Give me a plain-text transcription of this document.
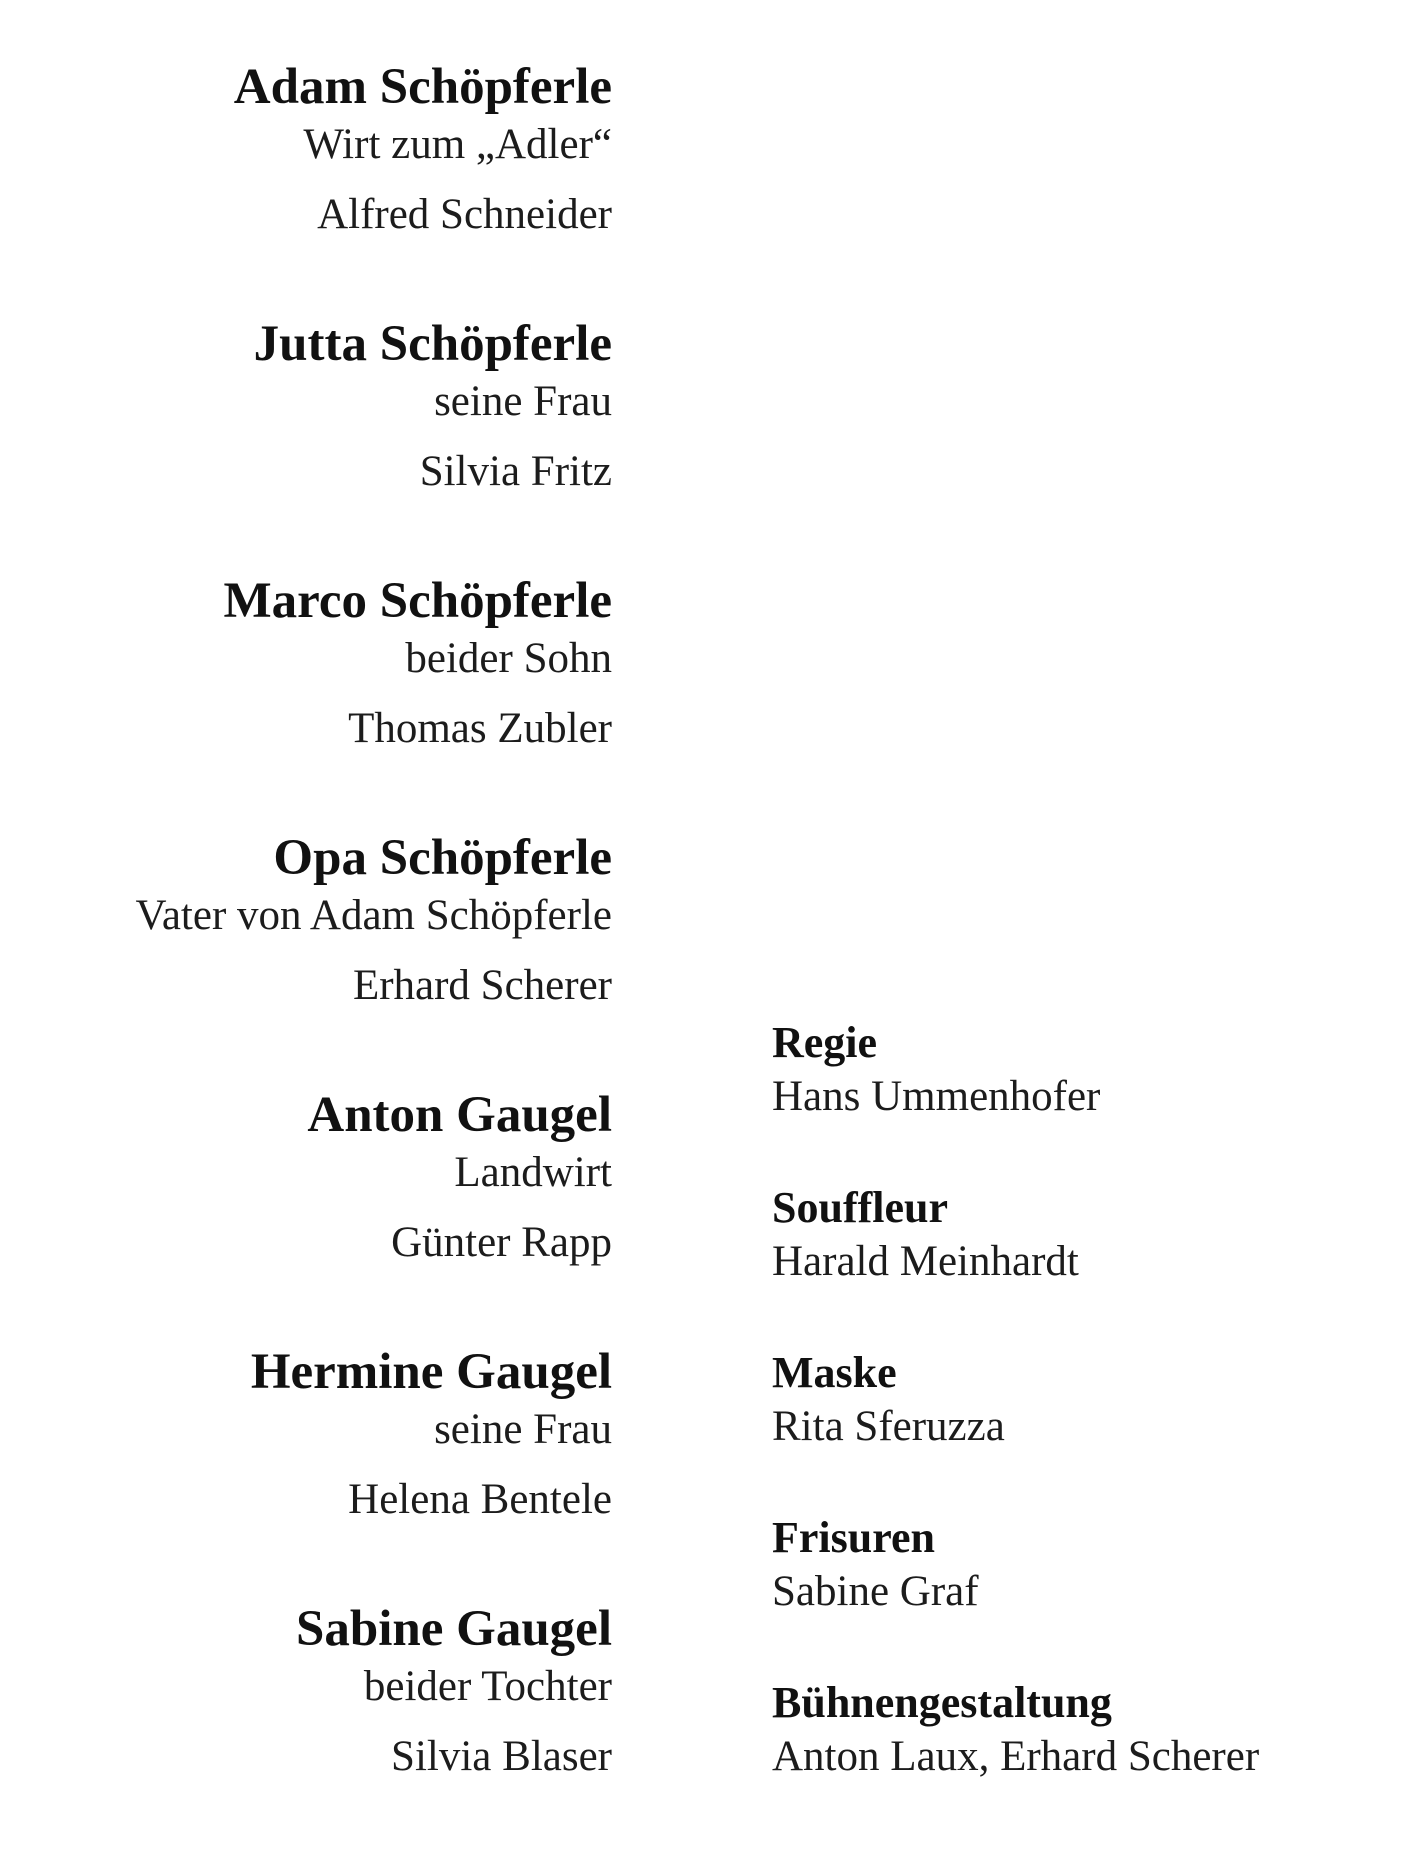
Adam Schöpferle
Wirt zum „Adler“
Alfred Schneider
Jutta Schöpferle
seine Frau
Silvia Fritz
Marco Schöpferle
beider Sohn
Thomas Zubler
Opa Schöpferle
Vater von Adam Schöpferle
Erhard Scherer
Anton Gaugel
Landwirt
Günter Rapp
Hermine Gaugel
seine Frau
Helena Bentele
Sabine Gaugel
beider Tochter
Silvia Blaser
Regie
Hans Ummenhofer
Souffleur
Harald Meinhardt
Maske
Rita Sferuzza
Frisuren
Sabine Graf
Bühnengestaltung
Anton Laux, Erhard Scherer
